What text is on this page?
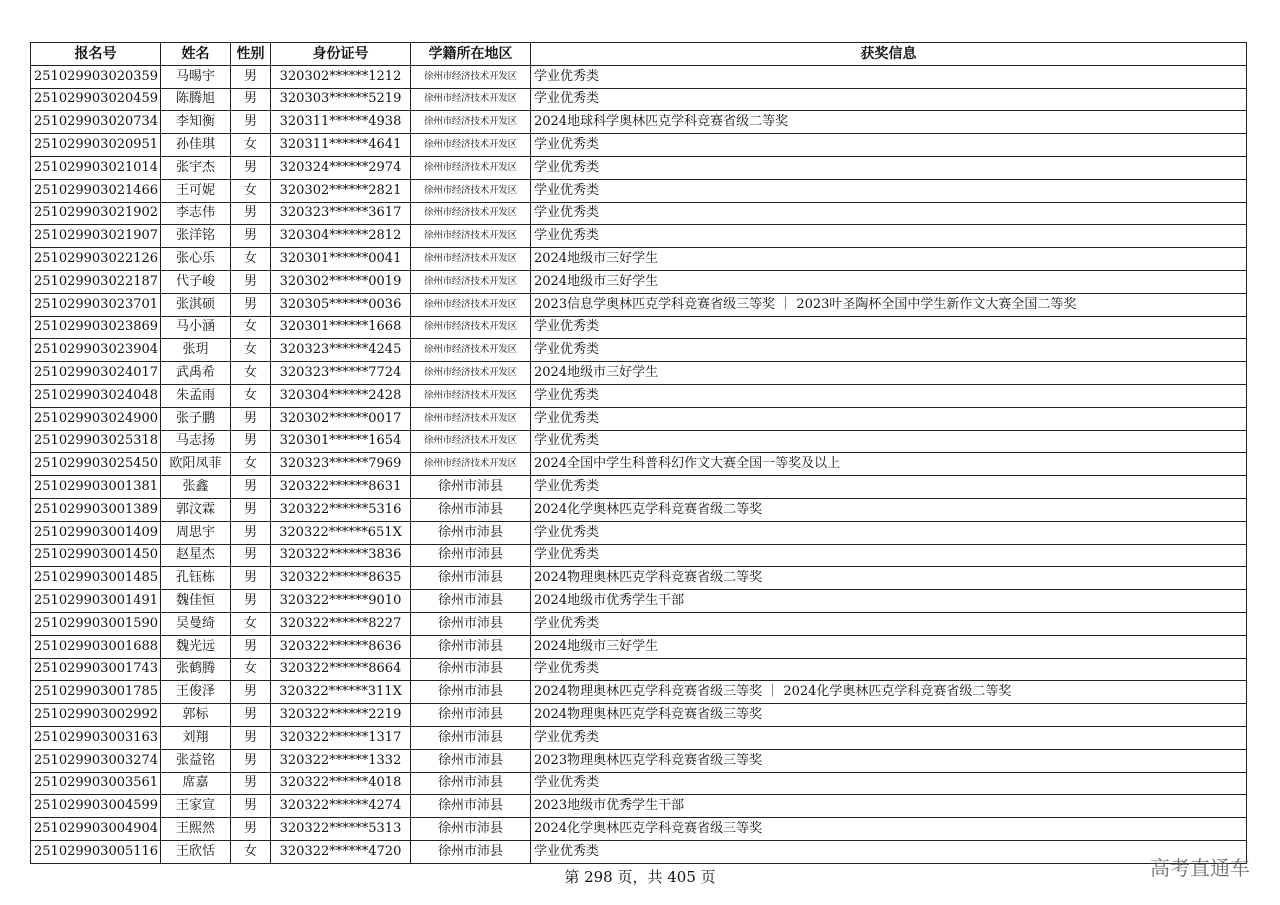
报名号	姓名	性别	身份证号	学籍所在地区	获奖信息
251029903020359	马晹宇	男	320302******1212	徐州市经济技术开发区	学业优秀类
251029903020459	陈腾旭	男	320303******5219	徐州市经济技术开发区	学业优秀类
251029903020734	李知衡	男	320311******4938	徐州市经济技术开发区	2024地球科学奥林匹克学科竞赛省级二等奖
251029903020951	孙佳琪	女	320311******4641	徐州市经济技术开发区	学业优秀类
251029903021014	张宇杰	男	320324******2974	徐州市经济技术开发区	学业优秀类
251029903021466	王可妮	女	320302******2821	徐州市经济技术开发区	学业优秀类
251029903021902	李志伟	男	320323******3617	徐州市经济技术开发区	学业优秀类
251029903021907	张洋铭	男	320304******2812	徐州市经济技术开发区	学业优秀类
251029903022126	张心乐	女	320301******0041	徐州市经济技术开发区	2024地级市三好学生
251029903022187	代子峻	男	320302******0019	徐州市经济技术开发区	2024地级市三好学生
251029903023701	张淇硕	男	320305******0036	徐州市经济技术开发区	2023信息学奥林匹克学科竞赛省级三等奖 ｜ 2023叶圣陶杯全国中学生新作文大赛全国二等奖
251029903023869	马小涵	女	320301******1668	徐州市经济技术开发区	学业优秀类
251029903023904	张玥	女	320323******4245	徐州市经济技术开发区	学业优秀类
251029903024017	武禹希	女	320323******7724	徐州市经济技术开发区	2024地级市三好学生
251029903024048	朱孟雨	女	320304******2428	徐州市经济技术开发区	学业优秀类
251029903024900	张子鹏	男	320302******0017	徐州市经济技术开发区	学业优秀类
251029903025318	马志扬	男	320301******1654	徐州市经济技术开发区	学业优秀类
251029903025450	欧阳凤菲	女	320323******7969	徐州市经济技术开发区	2024全国中学生科普科幻作文大赛全国一等奖及以上
251029903001381	张鑫	男	320322******8631	徐州市沛县	学业优秀类
251029903001389	郭汶霖	男	320322******5316	徐州市沛县	2024化学奥林匹克学科竞赛省级二等奖
251029903001409	周思宇	男	320322******651X	徐州市沛县	学业优秀类
251029903001450	赵星杰	男	320322******3836	徐州市沛县	学业优秀类
251029903001485	孔钰栋	男	320322******8635	徐州市沛县	2024物理奥林匹克学科竞赛省级二等奖
251029903001491	魏佳恒	男	320322******9010	徐州市沛县	2024地级市优秀学生干部
251029903001590	吴曼绮	女	320322******8227	徐州市沛县	学业优秀类
251029903001688	魏光远	男	320322******8636	徐州市沛县	2024地级市三好学生
251029903001743	张鹤腾	女	320322******8664	徐州市沛县	学业优秀类
251029903001785	王俊泽	男	320322******311X	徐州市沛县	2024物理奥林匹克学科竞赛省级三等奖 ｜ 2024化学奥林匹克学科竞赛省级二等奖
251029903002992	郭标	男	320322******2219	徐州市沛县	2024物理奥林匹克学科竞赛省级三等奖
251029903003163	刘翔	男	320322******1317	徐州市沛县	学业优秀类
251029903003274	张益铭	男	320322******1332	徐州市沛县	2023物理奥林匹克学科竞赛省级三等奖
251029903003561	席嘉	男	320322******4018	徐州市沛县	学业优秀类
251029903004599	王家宣	男	320322******4274	徐州市沛县	2023地级市优秀学生干部
251029903004904	王熙然	男	320322******5313	徐州市沛县	2024化学奥林匹克学科竞赛省级三等奖
251029903005116	王欣恬	女	320322******4720	徐州市沛县	学业优秀类
第 298 页，共 405 页	高考直通车
